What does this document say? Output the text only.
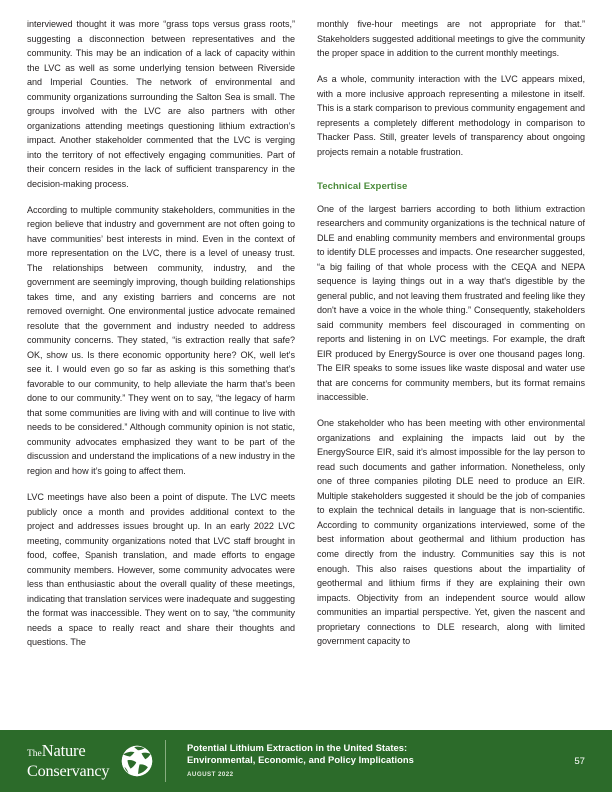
interviewed thought it was more “grass tops versus grass roots,” suggesting a disconnection between representatives and the community. This may be an indication of a lack of capacity within the LVC as well as some underlying tension between Riverside and Imperial Counties. The network of environmental and community organizations surrounding the Salton Sea is small. The groups involved with the LVC are also partners with other organizations attending meetings questioning lithium extraction’s impact. Another stakeholder commented that the LVC is verging into the territory of not effectively engaging communities. Part of their concern resides in the lack of sufficient transparency in the decision-making process.

According to multiple community stakeholders, communities in the region believe that industry and government are not often going to have communities’ best interests in mind. Even in the context of more representation on the LVC, there is a level of uneasy trust. The relationships between community, industry, and the government are seemingly improving, though building relationships takes time, and any existing barriers and concerns are not removed overnight. One environmental justice advocate remained resolute that the government and industry needed to address community concerns. They stated, “is extraction really that safe? OK, show us. Is there economic opportunity here? OK, well let's see it. I would even go so far as asking is this something that’s favorable to our community, to help alleviate the harm that’s been done to our community.” They went on to say, “the legacy of harm that some communities are living with and will continue to live with needs to be considered.” Although community opinion is not static, community advocates emphasized they want to be part of the discussion and understand the implications of a new industry in the region and how it’s going to affect them.

LVC meetings have also been a point of dispute. The LVC meets publicly once a month and provides additional context to the project and addresses issues brought up. In an early 2022 LVC meeting, community organizations noted that LVC staff brought in food, coffee, Spanish translation, and made efforts to engage community members. However, some community advocates were less than enthusiastic about the overall quality of these meetings, indicating that translation services were inadequate and suggesting the format was inaccessible. They went on to say, “the community needs a space to really react and share their thoughts and questions. The

monthly five-hour meetings are not appropriate for that.” Stakeholders suggested additional meetings to give the community the proper space in addition to the current monthly meetings.

As a whole, community interaction with the LVC appears mixed, with a more inclusive approach representing a milestone in itself. This is a stark comparison to previous community engagement and represents a completely different methodology in comparison to Thacker Pass. Still, greater levels of transparency about ongoing projects remain a notable frustration.

Technical Expertise

One of the largest barriers according to both lithium extraction researchers and community organizations is the technical nature of DLE and enabling community members and environmental groups to identify DLE processes and impacts. One researcher suggested, “a big failing of that whole process with the CEQA and NEPA sequence is laying things out in a way that's digestible by the general public, and not leaving them frustrated and feeling like they don't have a voice in the whole thing.” Consequently, stakeholders said community members feel discouraged in commenting on reports and listening in on LVC meetings. For example, the draft EIR produced by EnergySource is over one thousand pages long. The EIR speaks to some issues like waste disposal and water use that are concerns for community members, but its format remains inaccessible.

One stakeholder who has been meeting with other environmental organizations and explaining the impacts laid out by the EnergySource EIR, said it’s almost impossible for the lay person to read such documents and gather information. Nonetheless, only one of three companies piloting DLE need to produce an EIR. Multiple stakeholders suggested it should be the job of companies to explain the technical details in language that is non-scientific. According to community organizations interviewed, some of the best information about geothermal and lithium production has come directly from the industry. Communities say this is not enough. This also raises questions about the impartiality of geothermal and lithium firms if they are explaining their own impacts. Objectivity from an independent source would allow communities an impartial perspective. Yet, given the nascent and proprietary connections to DLE research, along with limited government capacity to

TheNature
Conservancy
Potential Lithium Extraction in the United States:
Environmental, Economic, and Policy Implications
AUGUST 2022
57
